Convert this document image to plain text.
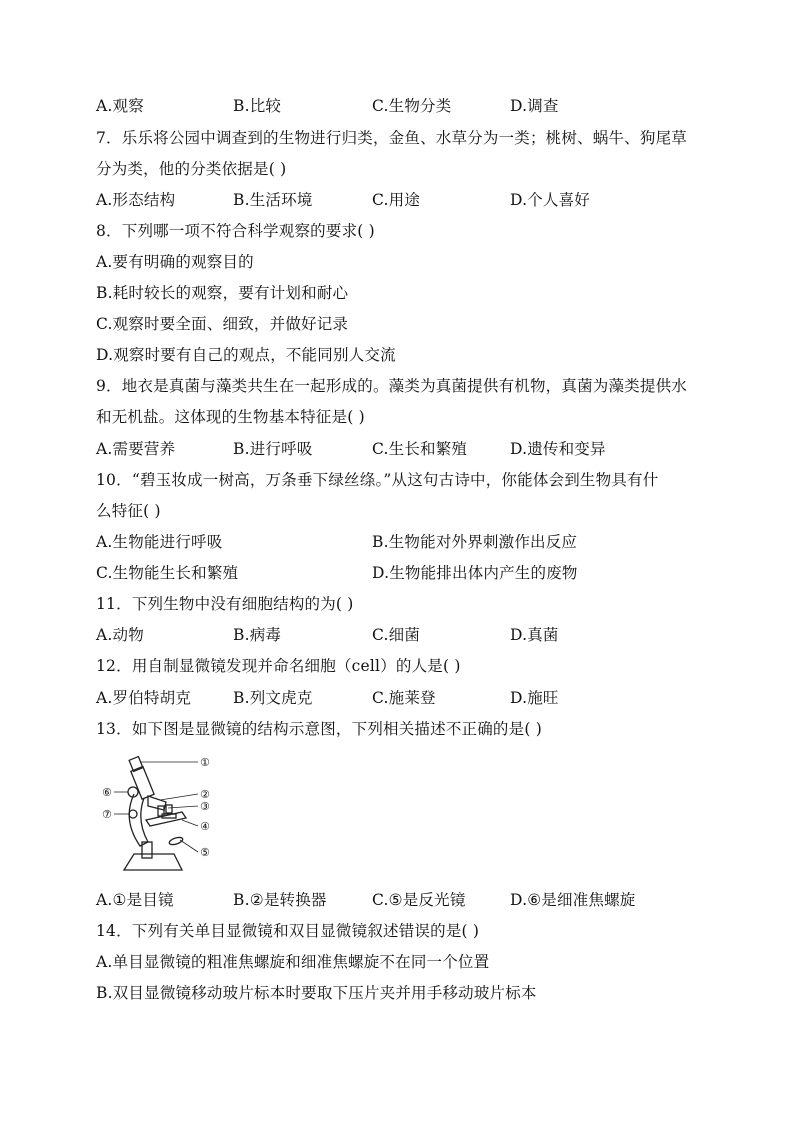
A.观察	B.比较	C.生物分类	D.调查
7．乐乐将公园中调查到的生物进行归类，金鱼、水草分为一类；桃树、蜗牛、狗尾草
分为类，他的分类依据是( )
A.形态结构	B.生活环境	C.用途	D.个人喜好
8．下列哪一项不符合科学观察的要求( )
A.要有明确的观察目的
B.耗时较长的观察，要有计划和耐心
C.观察时要全面、细致，并做好记录
D.观察时要有自己的观点，不能同别人交流
9．地衣是真菌与藻类共生在一起形成的。藻类为真菌提供有机物，真菌为藻类提供水
和无机盐。这体现的生物基本特征是( )
A.需要营养	B.进行呼吸	C.生长和繁殖	D.遗传和变异
10．“碧玉妆成一树高，万条垂下绿丝绦。”从这句古诗中，你能体会到生物具有什
么特征( )
A.生物能进行呼吸	B.生物能对外界刺激作出反应
C.生物能生长和繁殖	D.生物能排出体内产生的废物
11．下列生物中没有细胞结构的为( )
A.动物	B.病毒	C.细菌	D.真菌
12．用自制显微镜发现并命名细胞（cell）的人是( )
A.罗伯特胡克	B.列文虎克	C.施莱登	D.施旺
13．如下图是显微镜的结构示意图，下列相关描述不正确的是( )
①
②
③
④
⑤
⑥
⑦
A.①是目镜	B.②是转换器	C.⑤是反光镜	D.⑥是细准焦螺旋
14．下列有关单目显微镜和双目显微镜叙述错误的是( )
A.单目显微镜的粗准焦螺旋和细准焦螺旋不在同一个位置
B.双目显微镜移动玻片标本时要取下压片夹并用手移动玻片标本
